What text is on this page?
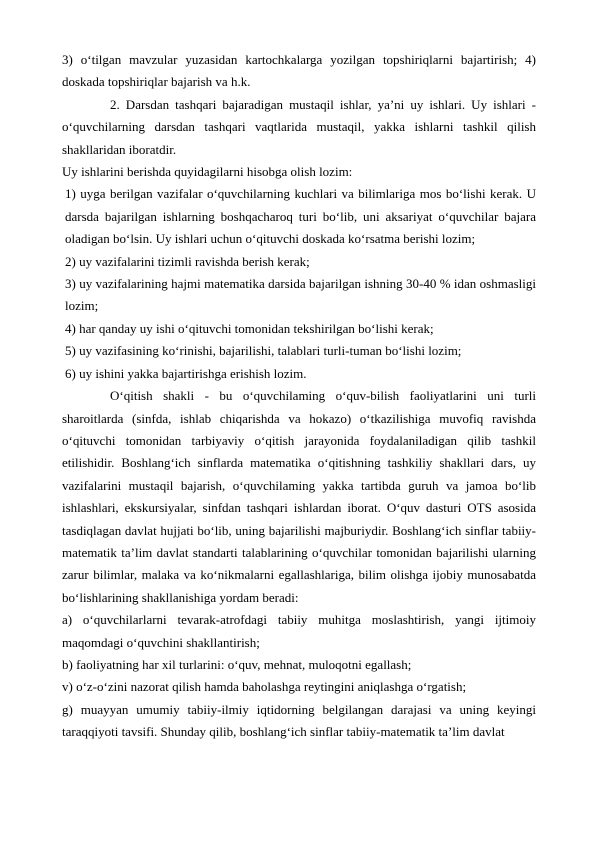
3) o‘tilgan mavzular yuzasidan kartochkalarga yozilgan topshiriqlarni bajartirish; 4) doskada topshiriqlar bajarish va h.k.

2. Darsdan tashqari bajaradigan mustaqil ishlar, ya’ni uy ishlari. Uy ishlari - o‘quvchilarning darsdan tashqari vaqtlarida mustaqil, yakka ishlarni tashkil qilish shakllaridan iboratdir.

Uy ishlarini berishda quyidagilarni hisobga olish lozim:

1) uyga berilgan vazifalar o‘quvchilarning kuchlari va bilimlariga mos bo‘lishi kerak. U darsda bajarilgan ishlarning boshqacharoq turi bo‘lib, uni aksariyat o‘quvchilar bajara oladigan bo‘lsin. Uy ishlari uchun o‘qituvchi doskada ko‘rsatma berishi lozim;

2) uy vazifalarini tizimli ravishda berish kerak;

3) uy vazifalarining hajmi matematika darsida bajarilgan ishning 30-40 % idan oshmasligi lozim;

4) har qanday uy ishi o‘qituvchi tomonidan tekshirilgan bo‘lishi kerak;

5) uy vazifasining ko‘rinishi, bajarilishi, talablari turli-tuman bo‘lishi lozim;

6) uy ishini yakka bajartirishga erishish lozim.

O‘qitish shakli - bu o‘quvchilaming o‘quv-bilish faoliyatlarini uni turli sharoitlarda (sinfda, ishlab chiqarishda va hokazo) o‘tkazilishiga muvofiq ravishda o‘qituvchi tomonidan tarbiyaviy o‘qitish jarayonida foydalaniladigan qilib tashkil etilishidir. Boshlang‘ich sinflarda matematika o‘qitishning tashkiliy shakllari dars, uy vazifalarini mustaqil bajarish, o‘quvchilaming yakka tartibda guruh va jamoa bo‘lib ishlashlari, ekskursiyalar, sinfdan tashqari ishlardan iborat. O‘quv dasturi OTS asosida tasdiqlagan davlat hujjati bo‘lib, uning bajarilishi majburiydir. Boshlang‘ich sinflar tabiiy-matematik ta’lim davlat standarti talablarining o‘quvchilar tomonidan bajarilishi ularning zarur bilimlar, malaka va ko‘nikmalarni egallashlariga, bilim olishga ijobiy munosabatda bo‘lishlarining shakllanishiga yordam beradi:

a) o‘quvchilarlarni tevarak-atrofdagi tabiiy muhitga moslashtirish, yangi ijtimoiy maqomdagi o‘quvchini shakllantirish;

b) faoliyatning har xil turlarini: o‘quv, mehnat, muloqotni egallash;

v) o‘z-o‘zini nazorat qilish hamda baholashga reytingini aniqlashga o‘rgatish;

g) muayyan umumiy tabiiy-ilmiy iqtidorning belgilangan darajasi va uning keyingi taraqqiyoti tavsifi. Shunday qilib, boshlang‘ich sinflar tabiiy-matematik ta’lim davlat
